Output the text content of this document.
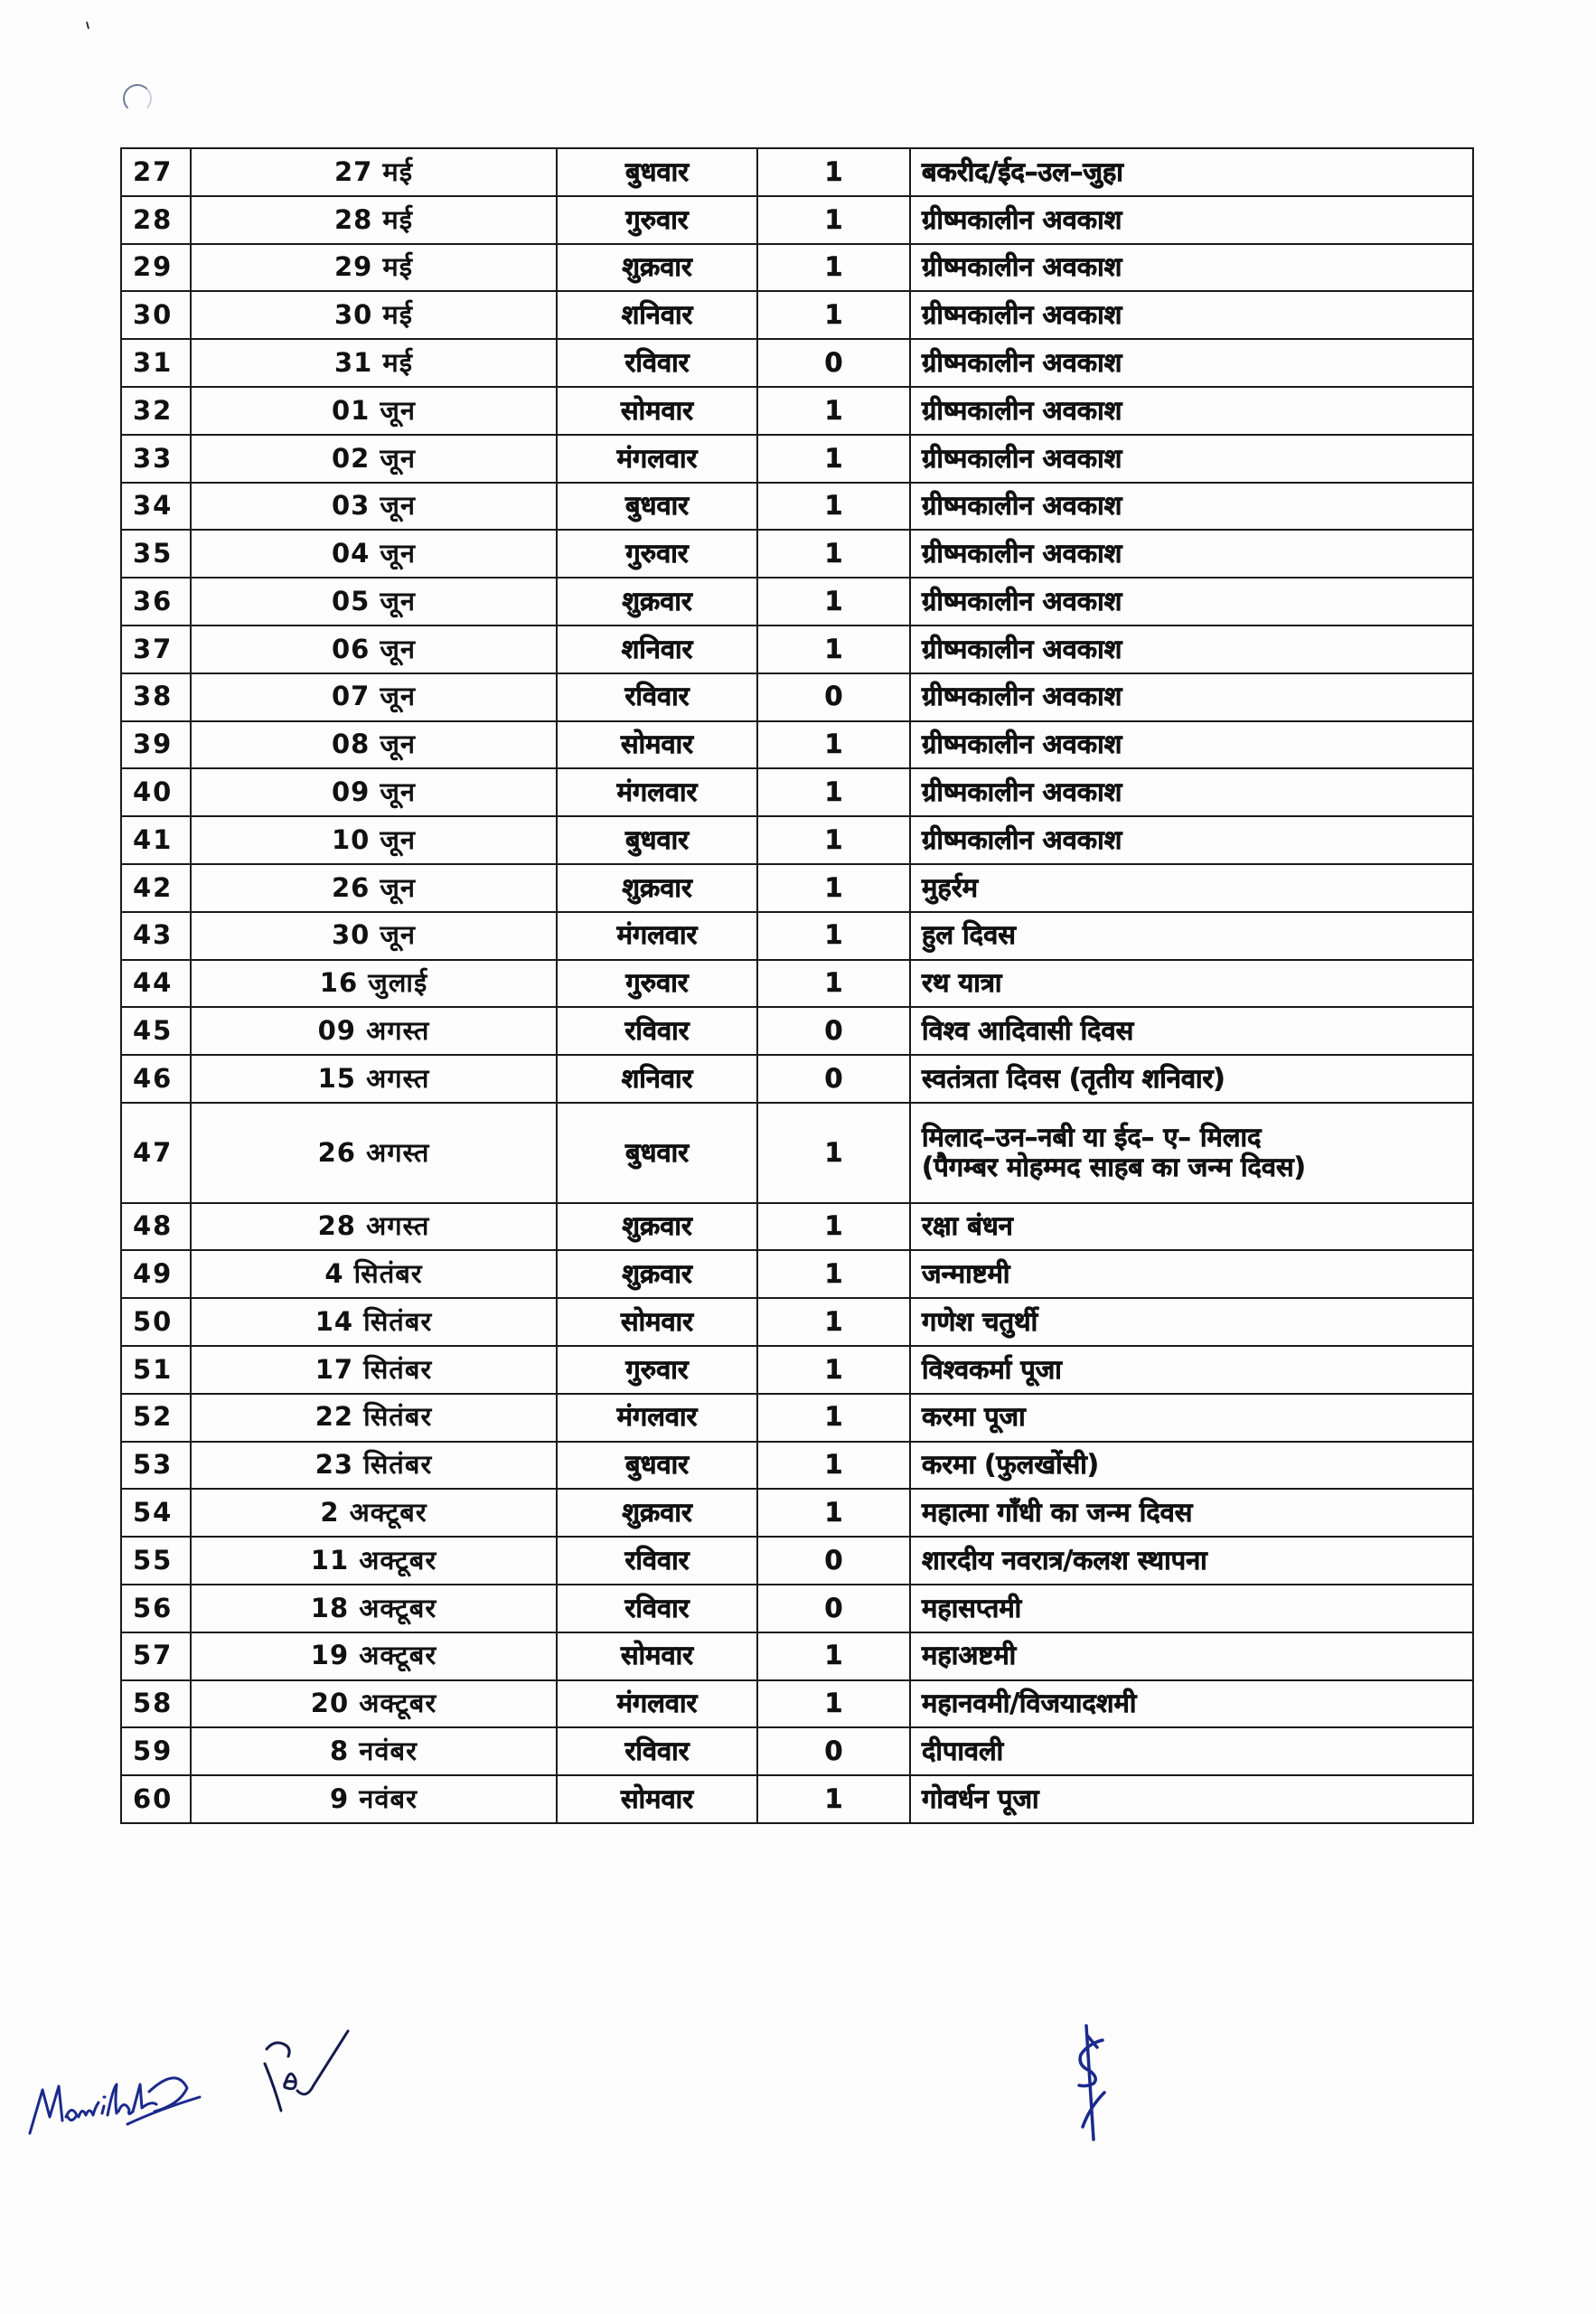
27	27 मई	बुधवार	1	बकरीद/ईद–उल–जुहा
28	28 मई	गुरुवार	1	ग्रीष्मकालीन अवकाश
29	29 मई	शुक्रवार	1	ग्रीष्मकालीन अवकाश
30	30 मई	शनिवार	1	ग्रीष्मकालीन अवकाश
31	31 मई	रविवार	0	ग्रीष्मकालीन अवकाश
32	01 जून	सोमवार	1	ग्रीष्मकालीन अवकाश
33	02 जून	मंगलवार	1	ग्रीष्मकालीन अवकाश
34	03 जून	बुधवार	1	ग्रीष्मकालीन अवकाश
35	04 जून	गुरुवार	1	ग्रीष्मकालीन अवकाश
36	05 जून	शुक्रवार	1	ग्रीष्मकालीन अवकाश
37	06 जून	शनिवार	1	ग्रीष्मकालीन अवकाश
38	07 जून	रविवार	0	ग्रीष्मकालीन अवकाश
39	08 जून	सोमवार	1	ग्रीष्मकालीन अवकाश
40	09 जून	मंगलवार	1	ग्रीष्मकालीन अवकाश
41	10 जून	बुधवार	1	ग्रीष्मकालीन अवकाश
42	26 जून	शुक्रवार	1	मुहर्रम
43	30 जून	मंगलवार	1	हुल दिवस
44	16 जुलाई	गुरुवार	1	रथ यात्रा
45	09 अगस्त	रविवार	0	विश्व आदिवासी दिवस
46	15 अगस्त	शनिवार	0	स्वतंत्रता दिवस (तृतीय शनिवार)
47	26 अगस्त	बुधवार	1	मिलाद–उन–नबी या ईद– ए– मिलाद
(पैगम्बर मोहम्मद साहब का जन्म दिवस)

48	28 अगस्त	शुक्रवार	1	रक्षा बंधन
49	4 सितंबर	शुक्रवार	1	जन्माष्टमी
50	14 सितंबर	सोमवार	1	गणेश चतुर्थी
51	17 सितंबर	गुरुवार	1	विश्वकर्मा पूजा
52	22 सितंबर	मंगलवार	1	करमा पूजा
53	23 सितंबर	बुधवार	1	करमा (फुलखोंसी)
54	2 अक्टूबर	शुक्रवार	1	महात्मा गाँधी का जन्म दिवस
55	11 अक्टूबर	रविवार	0	शारदीय नवरात्र/कलश स्थापना
56	18 अक्टूबर	रविवार	0	महासप्तमी
57	19 अक्टूबर	सोमवार	1	महाअष्टमी
58	20 अक्टूबर	मंगलवार	1	महानवमी/विजयादशमी
59	8 नवंबर	रविवार	0	दीपावली
60	9 नवंबर	सोमवार	1	गोवर्धन पूजा
